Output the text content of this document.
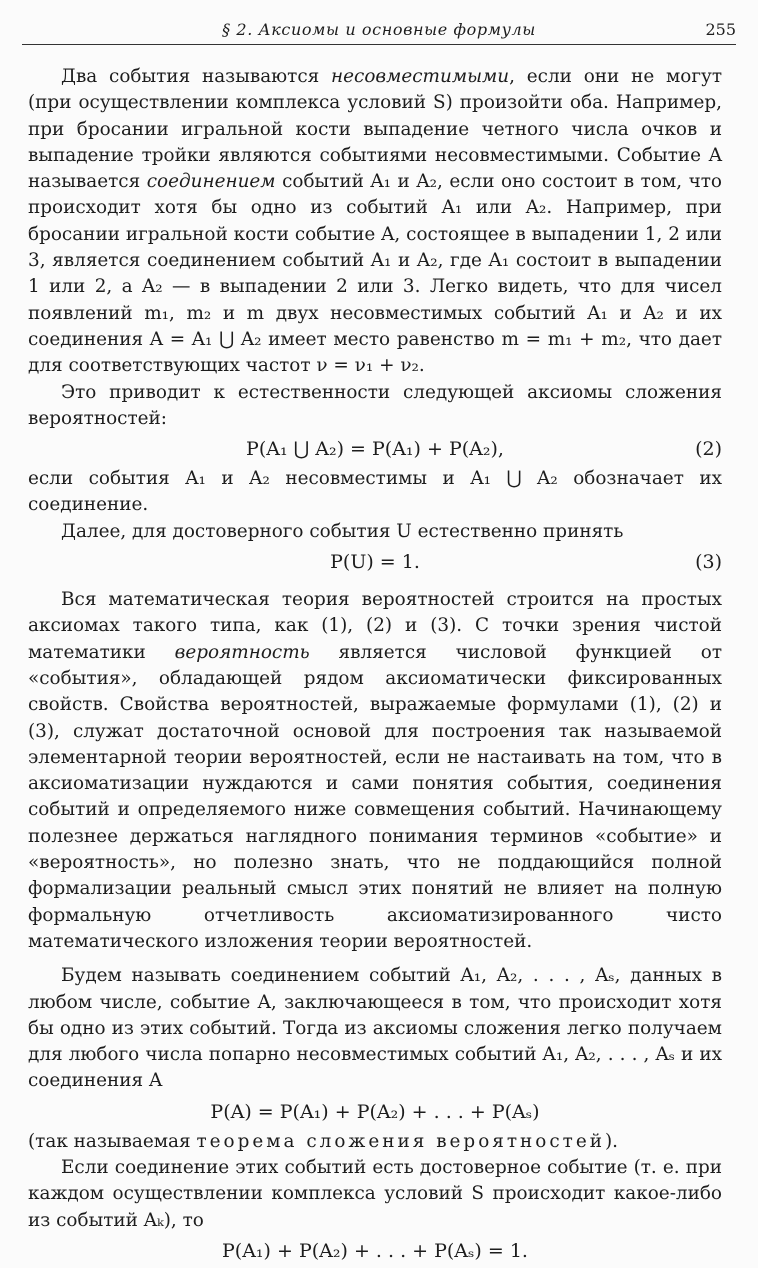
§ 2. Аксиомы и основные формулы	255

Два события называются несовместимыми, если они не могут (при осуществлении комплекса условий S) произойти оба. Например, при бросании игральной кости выпадение четного числа очков и выпадение тройки являются событиями несовместимыми. Событие A называется соединением событий A₁ и A₂, если оно состоит в том, что происходит хотя бы одно из событий A₁ или A₂. Например, при бросании игральной кости событие A, состоящее в выпадении 1, 2 или 3, является соединением событий A₁ и A₂, где A₁ состоит в выпадении 1 или 2, а A₂ — в выпадении 2 или 3. Легко видеть, что для чисел появлений m₁, m₂ и m двух несовместимых событий A₁ и A₂ и их соединения A = A₁ ⋃ A₂ имеет место равенство m = m₁ + m₂, что дает для соответствующих частот ν = ν₁ + ν₂.

Это приводит к естественности следующей аксиомы сложения вероятностей:

P(A₁ ⋃ A₂) = P(A₁) + P(A₂),	(2)

если события A₁ и A₂ несовместимы и A₁ ⋃ A₂ обозначает их соединение.

Далее, для достоверного события U естественно принять

P(U) = 1.	(3)

Вся математическая теория вероятностей строится на простых аксиомах такого типа, как (1), (2) и (3). С точки зрения чистой математики вероятность является числовой функцией от «события», обладающей рядом аксиоматически фиксированных свойств. Свойства вероятностей, выражаемые формулами (1), (2) и (3), служат достаточной основой для построения так называемой элементарной теории вероятностей, если не настаивать на том, что в аксиоматизации нуждаются и сами понятия события, соединения событий и определяемого ниже совмещения событий. Начинающему полезнее держаться наглядного понимания терминов «событие» и «вероятность», но полезно знать, что не поддающийся полной формализации реальный смысл этих понятий не влияет на полную формальную отчетливость аксиоматизированного чисто математического изложения теории вероятностей.

Будем называть соединением событий A₁, A₂, . . . , Aₛ, данных в любом числе, событие A, заключающееся в том, что происходит хотя бы одно из этих событий. Тогда из аксиомы сложения легко получаем для любого числа попарно несовместимых событий A₁, A₂, . . . , Aₛ и их соединения A

P(A) = P(A₁) + P(A₂) + . . . + P(Aₛ)

(так называемая теорема сложения вероятностей).

Если соединение этих событий есть достоверное событие (т. е. при каждом осуществлении комплекса условий S происходит какое-либо из событий Aₖ), то

P(A₁) + P(A₂) + . . . + P(Aₛ) = 1.
